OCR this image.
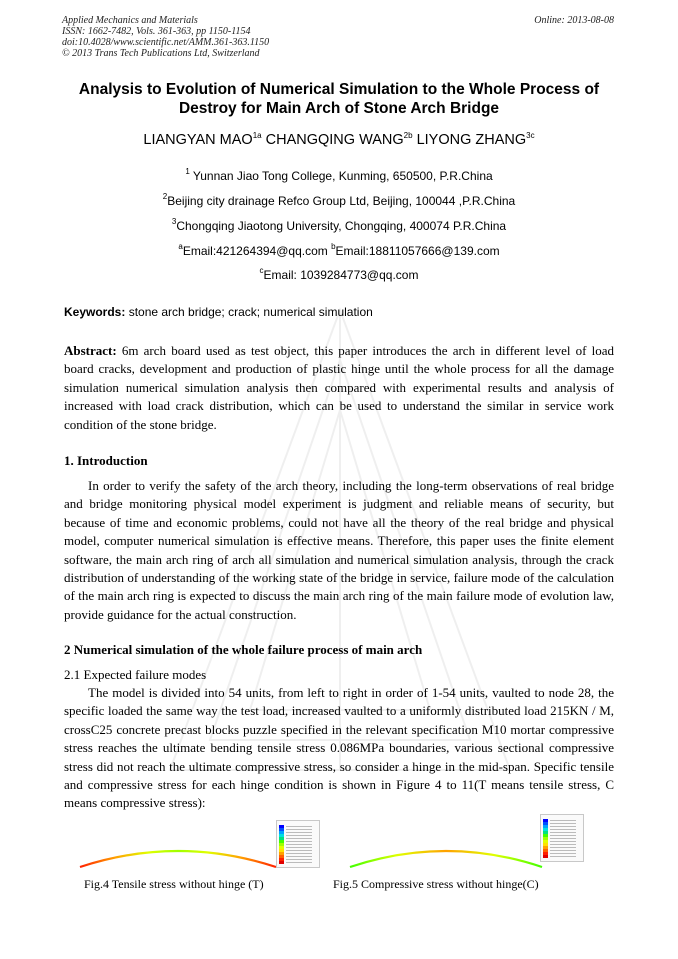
Applied Mechanics and Materials
ISSN: 1662-7482, Vols. 361-363, pp 1150-1154
doi:10.4028/www.scientific.net/AMM.361-363.1150
© 2013 Trans Tech Publications Ltd, Switzerland
Online: 2013-08-08
Analysis to Evolution of Numerical Simulation to the Whole Process of
Destroy for Main Arch of Stone Arch Bridge
LIANGYAN $MAO^{1a}$ CHANGQING $WANG^{2b}$ LIYONG $ZHANG^{3c}$
$^1$ Yunnan Jiao Tong College, Kunming, 650500, P.R.China
$^2$Beijing city drainage Refco Group Ltd, Beijing, 100044 ,P.R.China
$^3$Chongqing Jiaotong University, Chongqing, 400074 P.R.China
$^a$Email:421264394@qq.com $^b$Email:18811057666@139.com
$^c$Email: 1039284773@qq.com
Keywords: stone arch bridge; crack; numerical simulation
Abstract: 6m arch board used as test object, this paper introduces the arch in different level of load board cracks, development and production of plastic hinge until the whole process for all the damage simulation numerical simulation analysis then compared with experimental results and analysis of increased with load crack distribution, which can be used to understand the similar in service work condition of the stone bridge.
1. Introduction
In order to verify the safety of the arch theory, including the long-term observations of real bridge and bridge monitoring physical model experiment is judgment and reliable means of security, but because of time and economic problems, could not have all the theory of the real bridge and physical model, computer numerical simulation is effective means. Therefore, this paper uses the finite element software, the main arch ring of arch all simulation and numerical simulation analysis, through the crack distribution of understanding of the working state of the bridge in service, failure mode of the calculation of the main arch ring is expected to discuss the main arch ring of the main failure mode of evolution law, provide guidance for the actual construction.
2 Numerical simulation of the whole failure process of main arch
2.1 Expected failure modes
The model is divided into 54 units, from left to right in order of 1-54 units, vaulted to node 28, the specific loaded the same way the test load, increased vaulted to a uniformly distributed load 215KN / M, crossC25 concrete precast blocks puzzle specified in the relevant specification M10 mortar compressive stress reaches the ultimate bending tensile stress 0.086MPa boundaries, various sectional compressive stress did not reach the ultimate compressive stress, so consider a hinge in the mid-span. Specific tensile and compressive stress for each hinge condition is shown in Figure 4 to 11(T means tensile stress, C means compressive stress):
Fig.4 Tensile stress without hinge (T)	Fig.5 Compressive stress without hinge(C)
